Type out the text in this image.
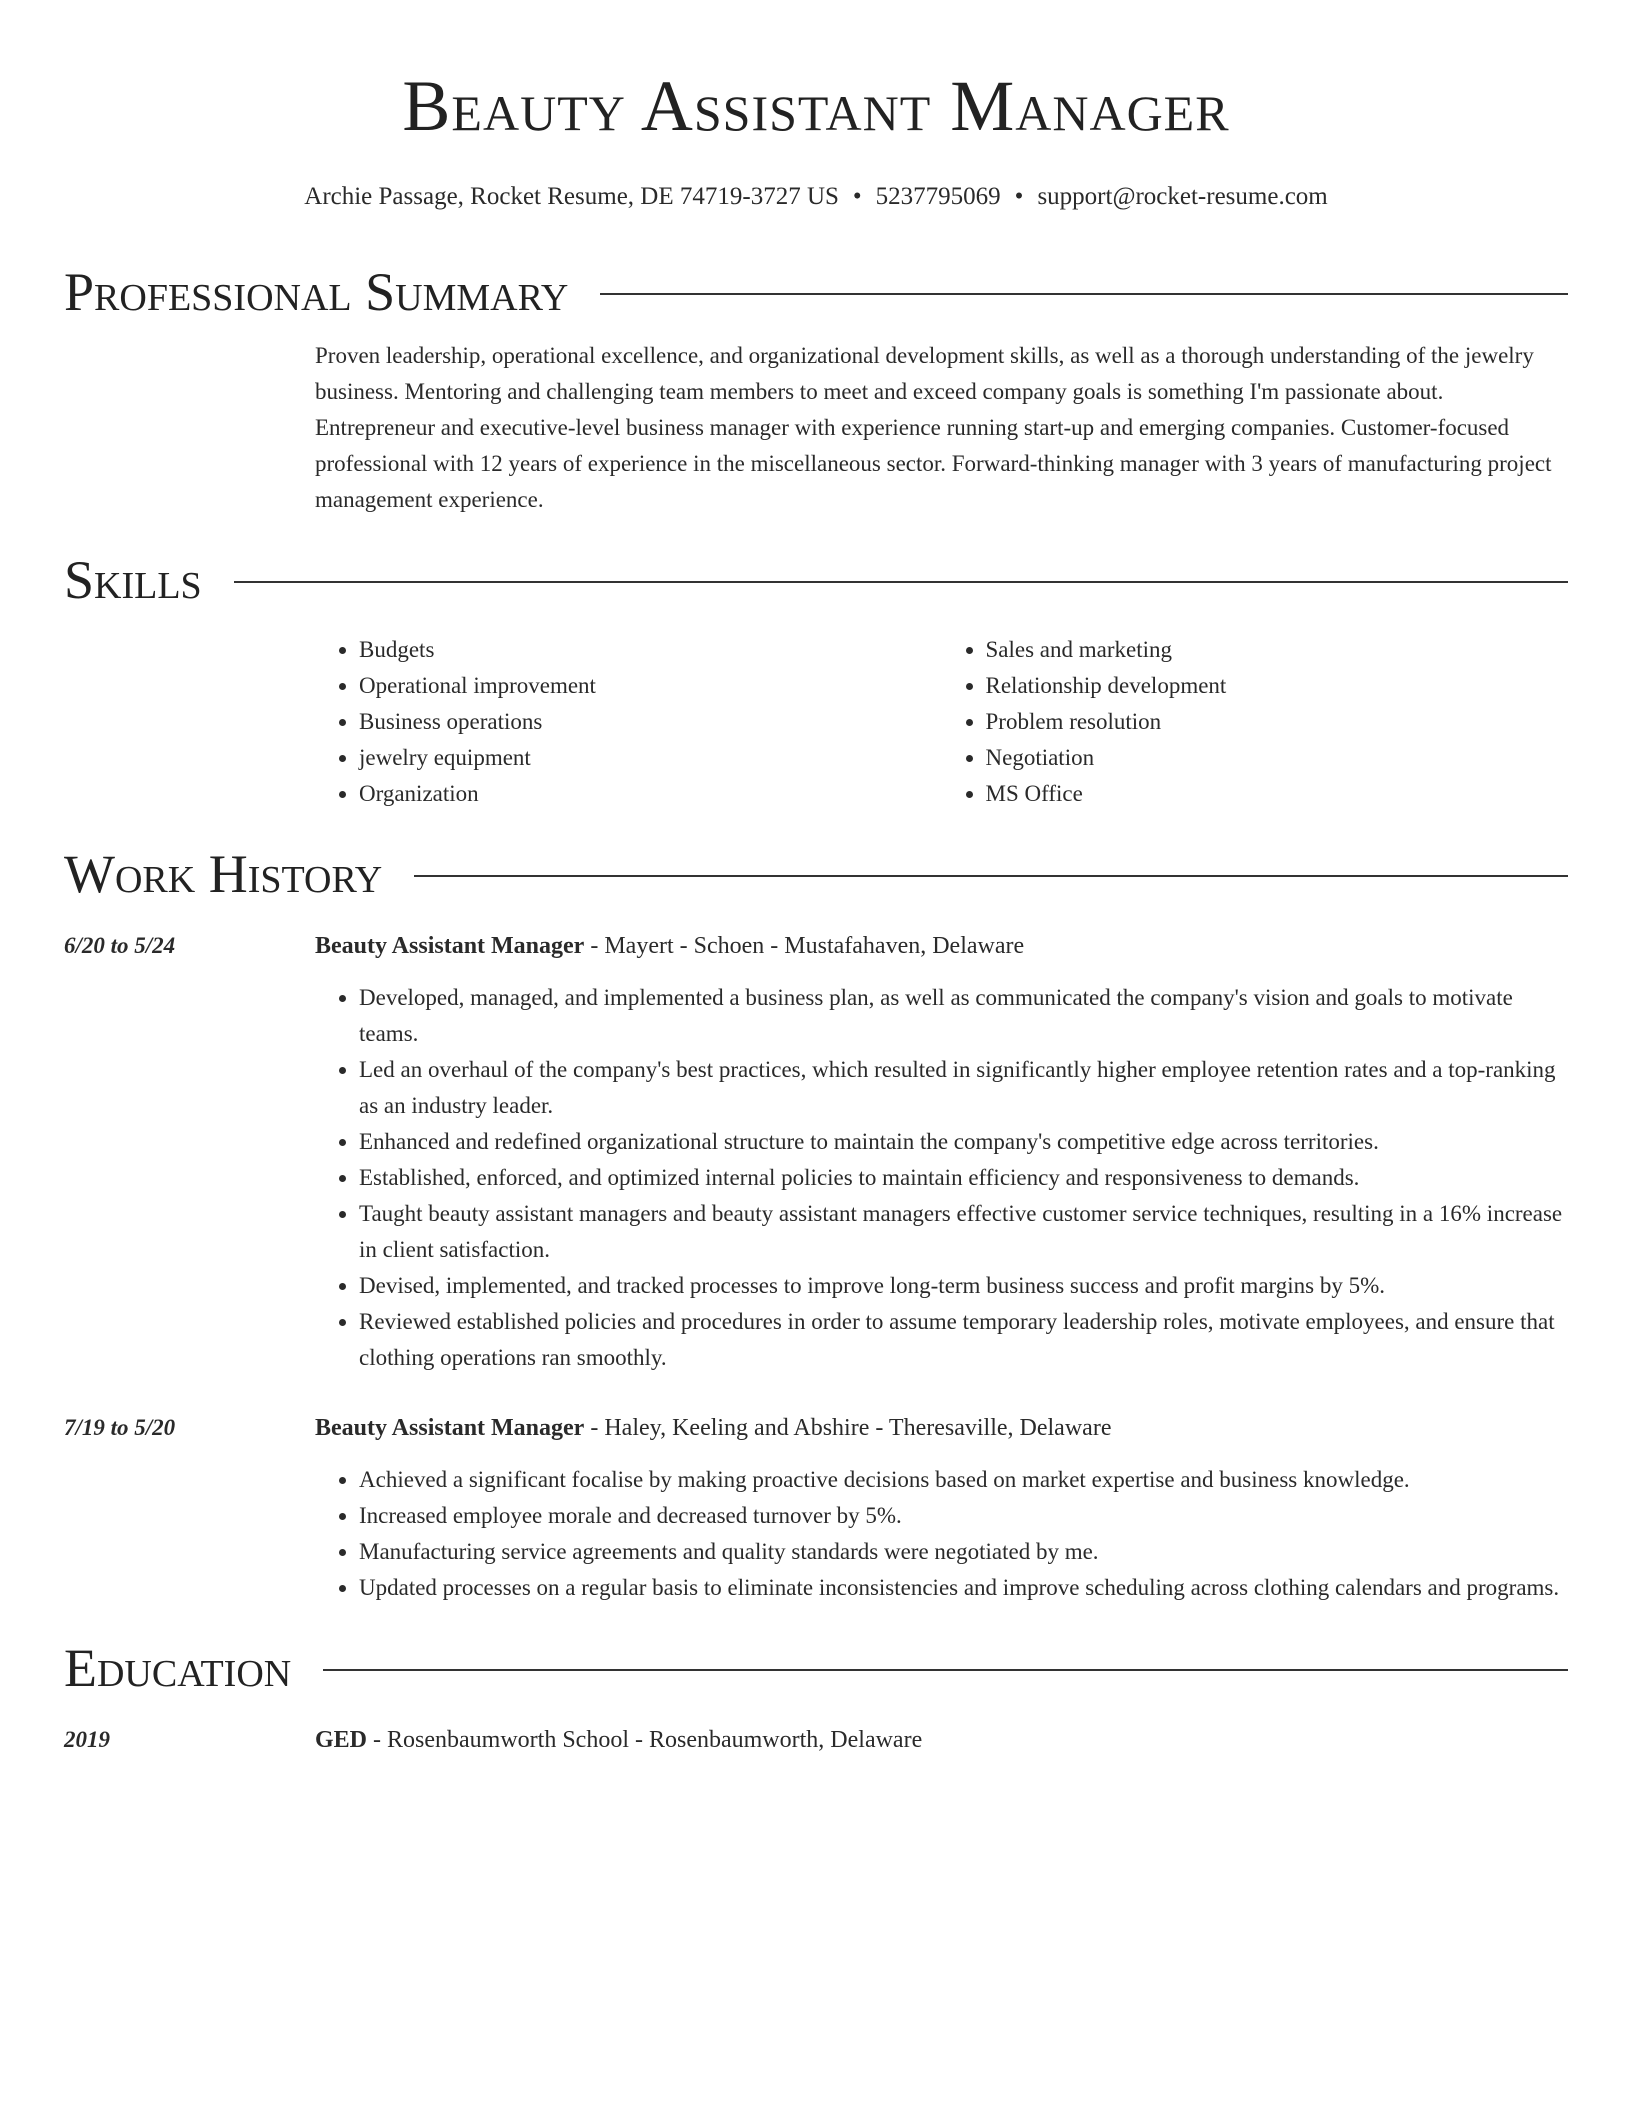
Beauty Assistant Manager
Archie Passage, Rocket Resume, DE 74719-3727 US • 5237795069 • support@rocket-resume.com
Professional Summary
Proven leadership, operational excellence, and organizational development skills, as well as a thorough understanding of the jewelry business. Mentoring and challenging team members to meet and exceed company goals is something I'm passionate about. Entrepreneur and executive-level business manager with experience running start-up and emerging companies. Customer-focused professional with 12 years of experience in the miscellaneous sector. Forward-thinking manager with 3 years of manufacturing project management experience.
Skills
• Budgets
• Operational improvement
• Business operations
• jewelry equipment
• Organization
• Sales and marketing
• Relationship development
• Problem resolution
• Negotiation
• MS Office
Work History
6/20 to 5/24	Beauty Assistant Manager - Mayert - Schoen - Mustafahaven, Delaware
• Developed, managed, and implemented a business plan, as well as communicated the company's vision and goals to motivate teams.
• Led an overhaul of the company's best practices, which resulted in significantly higher employee retention rates and a top-ranking as an industry leader.
• Enhanced and redefined organizational structure to maintain the company's competitive edge across territories.
• Established, enforced, and optimized internal policies to maintain efficiency and responsiveness to demands.
• Taught beauty assistant managers and beauty assistant managers effective customer service techniques, resulting in a 16% increase in client satisfaction.
• Devised, implemented, and tracked processes to improve long-term business success and profit margins by 5%.
• Reviewed established policies and procedures in order to assume temporary leadership roles, motivate employees, and ensure that clothing operations ran smoothly.
7/19 to 5/20	Beauty Assistant Manager - Haley, Keeling and Abshire - Theresaville, Delaware
• Achieved a significant focalise by making proactive decisions based on market expertise and business knowledge.
• Increased employee morale and decreased turnover by 5%.
• Manufacturing service agreements and quality standards were negotiated by me.
• Updated processes on a regular basis to eliminate inconsistencies and improve scheduling across clothing calendars and programs.
Education
2019	GED - Rosenbaumworth School - Rosenbaumworth, Delaware
